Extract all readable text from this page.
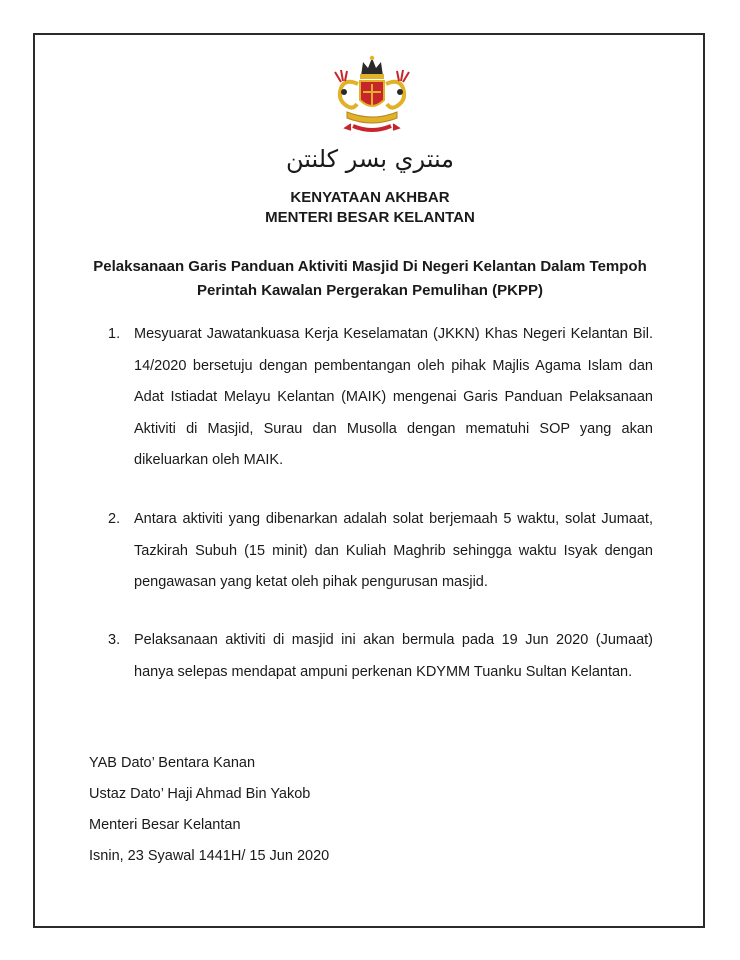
منتري بسر كلنتن
KENYATAAN AKHBAR
MENTERI BESAR KELANTAN
Pelaksanaan Garis Panduan Aktiviti Masjid Di Negeri Kelantan Dalam Tempoh
Perintah Kawalan Pergerakan Pemulihan (PKPP)
1. Mesyuarat Jawatankuasa Kerja Keselamatan (JKKN) Khas Negeri Kelantan Bil. 14/2020 bersetuju dengan pembentangan oleh pihak Majlis Agama Islam dan Adat Istiadat Melayu Kelantan (MAIK) mengenai Garis Panduan Pelaksanaan Aktiviti di Masjid, Surau dan Musolla dengan mematuhi SOP yang akan dikeluarkan oleh MAIK.
2. Antara aktiviti yang dibenarkan adalah solat berjemaah 5 waktu, solat Jumaat, Tazkirah Subuh (15 minit) dan Kuliah Maghrib sehingga waktu Isyak dengan pengawasan yang ketat oleh pihak pengurusan masjid.
3. Pelaksanaan aktiviti di masjid ini akan bermula pada 19 Jun 2020 (Jumaat) hanya selepas mendapat ampuni perkenan KDYMM Tuanku Sultan Kelantan.
YAB Dato’ Bentara Kanan
Ustaz Dato’ Haji Ahmad Bin Yakob
Menteri Besar Kelantan
Isnin, 23 Syawal 1441H/ 15 Jun 2020
